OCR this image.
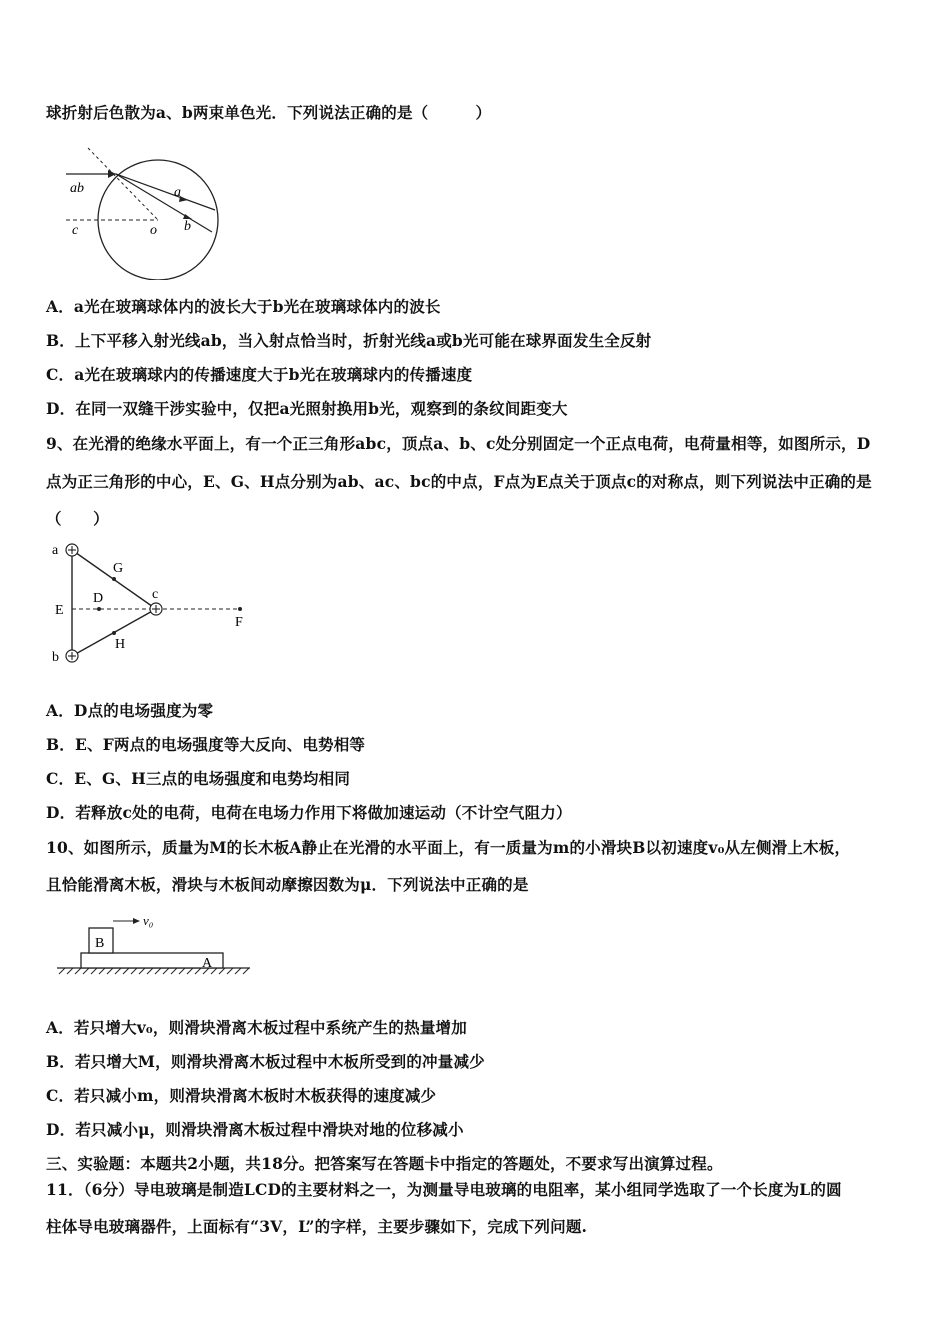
球折射后色散为a、b两束单色光．下列说法正确的是（　　　）
ab	a
b
c	o
A．a光在玻璃球体内的波长大于b光在玻璃球体内的波长
B．上下平移入射光线ab，当入射点恰当时，折射光线a或b光可能在球界面发生全反射
C．a光在玻璃球内的传播速度大于b光在玻璃球内的传播速度
D．在同一双缝干涉实验中，仅把a光照射换用b光，观察到的条纹间距变大
9、在光滑的绝缘水平面上，有一个正三角形abc，顶点a、b、c处分别固定一个正点电荷，电荷量相等，如图所示，D
点为正三角形的中心，E、G、H点分别为ab、ac、bc的中点，F点为E点关于顶点c的对称点，则下列说法中正确的是
（　　）
a
b
c
D
E
F
G
H
A．D点的电场强度为零
B．E、F两点的电场强度等大反向、电势相等
C．E、G、H三点的电场强度和电势均相同
D．若释放c处的电荷，电荷在电场力作用下将做加速运动（不计空气阻力）
10、如图所示，质量为M的长木板A静止在光滑的水平面上，有一质量为m的小滑块B以初速度v₀从左侧滑上木板，
且恰能滑离木板，滑块与木板间动摩擦因数为μ．下列说法中正确的是
B
A
v₀
A．若只增大v₀，则滑块滑离木板过程中系统产生的热量增加
B．若只增大M，则滑块滑离木板过程中木板所受到的冲量减少
C．若只减小m，则滑块滑离木板时木板获得的速度减少
D．若只减小μ，则滑块滑离木板过程中滑块对地的位移减小
三、实验题：本题共2小题，共18分。把答案写在答题卡中指定的答题处，不要求写出演算过程。
11．（6分）导电玻璃是制造LCD的主要材料之一，为测量导电玻璃的电阻率，某小组同学选取了一个长度为L的圆
柱体导电玻璃器件，上面标有“3V，L”的字样，主要步骤如下，完成下列问题.
